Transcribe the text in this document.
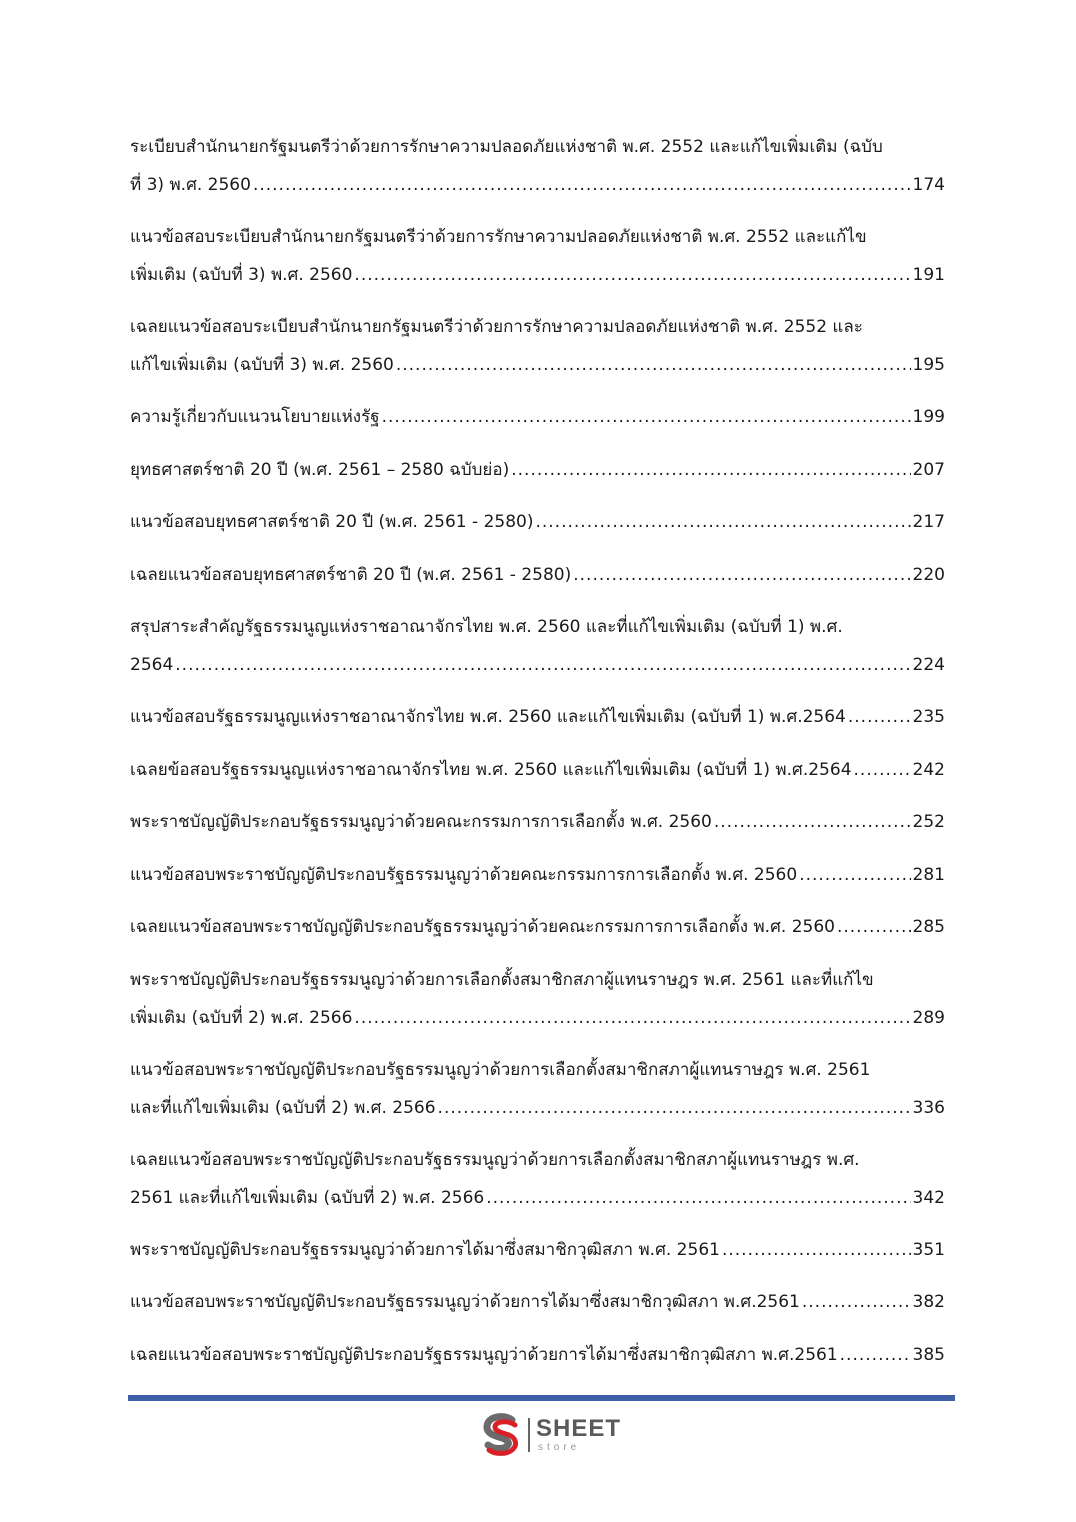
ระเบียบสำนักนายกรัฐมนตรีว่าด้วยการรักษาความปลอดภัยแห่งชาติ พ.ศ. 2552 และแก้ไขเพิ่มเติม (ฉบับ
ที่ 3) พ.ศ. 2560 .....	174
แนวข้อสอบระเบียบสำนักนายกรัฐมนตรีว่าด้วยการรักษาความปลอดภัยแห่งชาติ พ.ศ. 2552 และแก้ไข
เพิ่มเติม (ฉบับที่ 3) พ.ศ. 2560 .....	191
เฉลยแนวข้อสอบระเบียบสำนักนายกรัฐมนตรีว่าด้วยการรักษาความปลอดภัยแห่งชาติ พ.ศ. 2552 และ
แก้ไขเพิ่มเติม (ฉบับที่ 3) พ.ศ. 2560 .....	195
ความรู้เกี่ยวกับแนวนโยบายแห่งรัฐ .....	199
ยุทธศาสตร์ชาติ 20 ปี (พ.ศ. 2561 – 2580 ฉบับย่อ) .....	207
แนวข้อสอบยุทธศาสตร์ชาติ 20 ปี (พ.ศ. 2561 - 2580) .....	217
เฉลยแนวข้อสอบยุทธศาสตร์ชาติ 20 ปี (พ.ศ. 2561 - 2580) .....	220
สรุปสาระสำคัญรัฐธรรมนูญแห่งราชอาณาจักรไทย พ.ศ. 2560 และที่แก้ไขเพิ่มเติม (ฉบับที่ 1) พ.ศ.
2564 .....	224
แนวข้อสอบรัฐธรรมนูญแห่งราชอาณาจักรไทย พ.ศ. 2560 และแก้ไขเพิ่มเติม (ฉบับที่ 1) พ.ศ.2564 .....	235
เฉลยข้อสอบรัฐธรรมนูญแห่งราชอาณาจักรไทย พ.ศ. 2560 และแก้ไขเพิ่มเติม (ฉบับที่ 1) พ.ศ.2564 .....	242
พระราชบัญญัติประกอบรัฐธรรมนูญว่าด้วยคณะกรรมการการเลือกตั้ง พ.ศ. 2560 .....	252
แนวข้อสอบพระราชบัญญัติประกอบรัฐธรรมนูญว่าด้วยคณะกรรมการการเลือกตั้ง พ.ศ. 2560 .....	281
เฉลยแนวข้อสอบพระราชบัญญัติประกอบรัฐธรรมนูญว่าด้วยคณะกรรมการการเลือกตั้ง พ.ศ. 2560 .....	285
พระราชบัญญัติประกอบรัฐธรรมนูญว่าด้วยการเลือกตั้งสมาชิกสภาผู้แทนราษฎร พ.ศ. 2561 และที่แก้ไข
เพิ่มเติม (ฉบับที่ 2) พ.ศ. 2566 .....	289
แนวข้อสอบพระราชบัญญัติประกอบรัฐธรรมนูญว่าด้วยการเลือกตั้งสมาชิกสภาผู้แทนราษฎร พ.ศ. 2561
และที่แก้ไขเพิ่มเติม (ฉบับที่ 2) พ.ศ. 2566 .....	336
เฉลยแนวข้อสอบพระราชบัญญัติประกอบรัฐธรรมนูญว่าด้วยการเลือกตั้งสมาชิกสภาผู้แทนราษฎร พ.ศ.
2561 และที่แก้ไขเพิ่มเติม (ฉบับที่ 2) พ.ศ. 2566 .....	342
พระราชบัญญัติประกอบรัฐธรรมนูญว่าด้วยการได้มาซึ่งสมาชิกวุฒิสภา พ.ศ. 2561 .....	351
แนวข้อสอบพระราชบัญญัติประกอบรัฐธรรมนูญว่าด้วยการได้มาซึ่งสมาชิกวุฒิสภา พ.ศ.2561 .....	382
เฉลยแนวข้อสอบพระราชบัญญัติประกอบรัฐธรรมนูญว่าด้วยการได้มาซึ่งสมาชิกวุฒิสภา พ.ศ.2561 .....	385
SHEET
store
